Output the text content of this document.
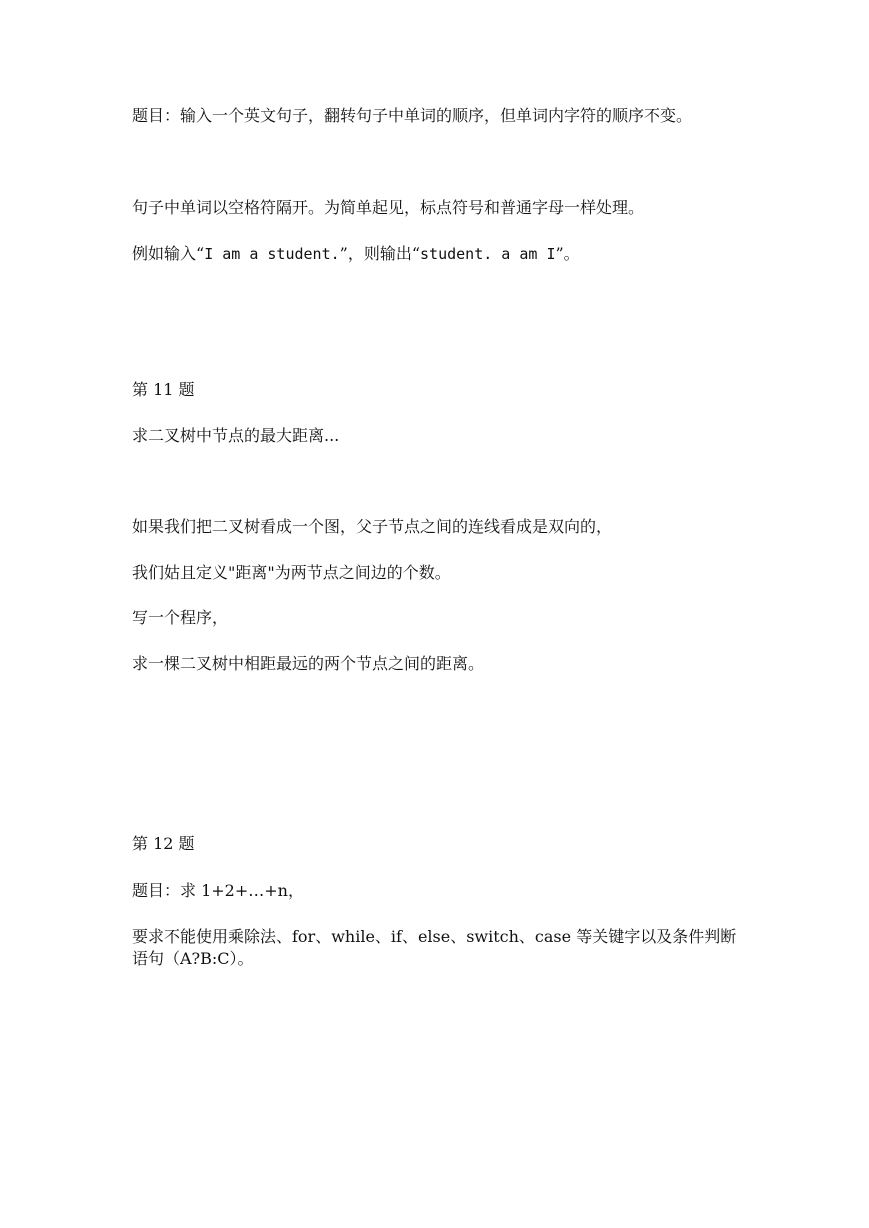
题目：输入一个英文句子，翻转句子中单词的顺序，但单词内字符的顺序不变。
句子中单词以空格符隔开。为简单起见，标点符号和普通字母一样处理。
例如输入“I am a student.”，则输出“student. a am I”。
第 11 题
求二叉树中节点的最大距离...
如果我们把二叉树看成一个图，父子节点之间的连线看成是双向的，
我们姑且定义"距离"为两节点之间边的个数。
写一个程序，
求一棵二叉树中相距最远的两个节点之间的距离。
第 12 题
题目：求 1+2+…+n，
要求不能使用乘除法、for、while、if、else、switch、case 等关键字以及条件判断语句（A?B:C）。
